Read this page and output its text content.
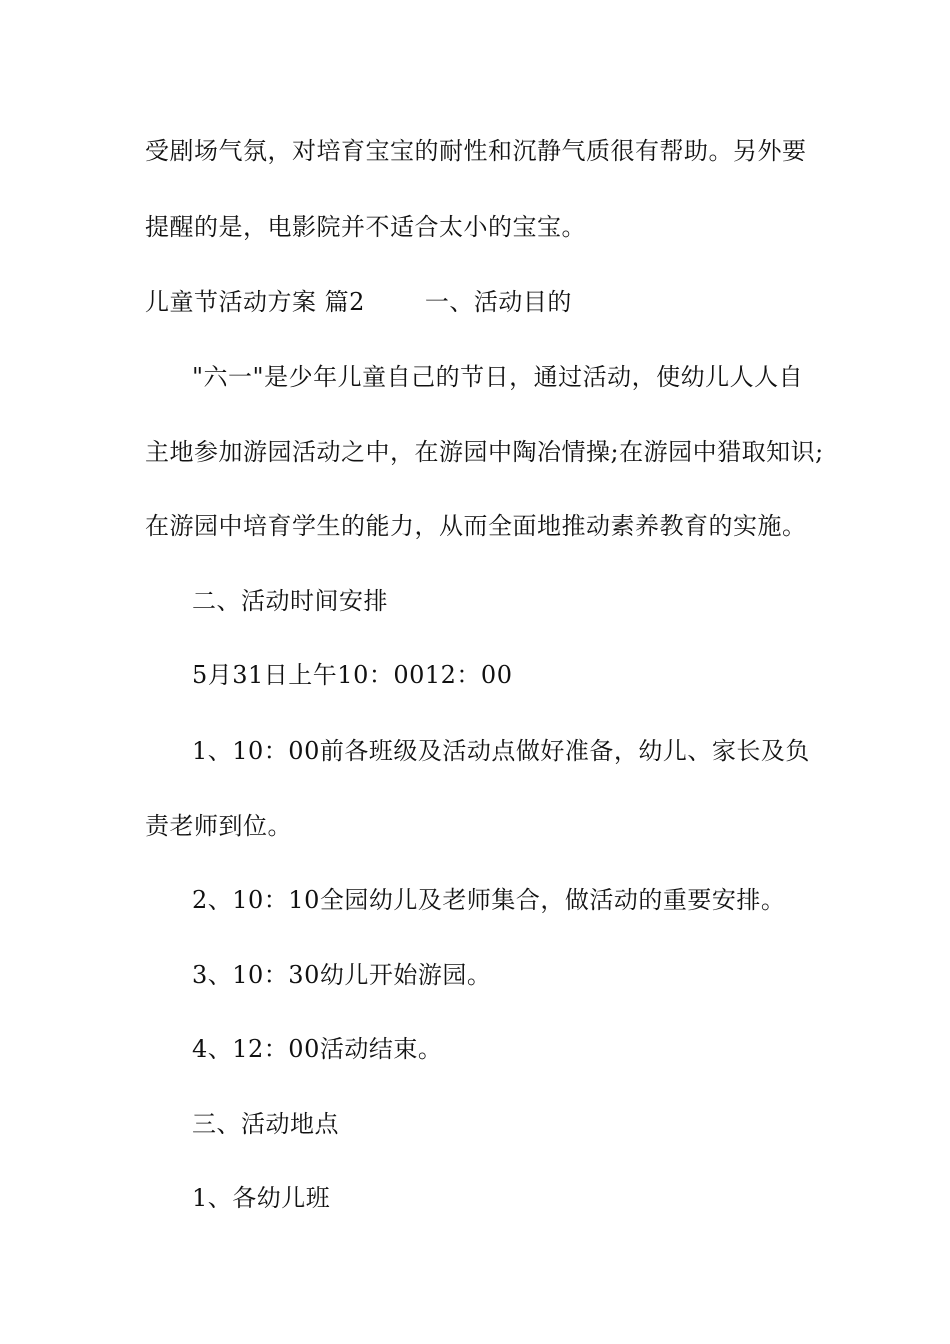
受剧场气氛，对培育宝宝的耐性和沉静气质很有帮助。另外要
提醒的是，电影院并不适合太小的宝宝。
儿童节活动方案 篇2	一、活动目的
"六一"是少年儿童自己的节日，通过活动，使幼儿人人自
主地参加游园活动之中，在游园中陶冶情操;在游园中猎取知识;
在游园中培育学生的能力，从而全面地推动素养教育的实施。
二、活动时间安排
5月31日上午10：0012：00
1、10：00前各班级及活动点做好准备，幼儿、家长及负
责老师到位。
2、10：10全园幼儿及老师集合，做活动的重要安排。
3、10：30幼儿开始游园。
4、12：00活动结束。
三、活动地点
1、各幼儿班
